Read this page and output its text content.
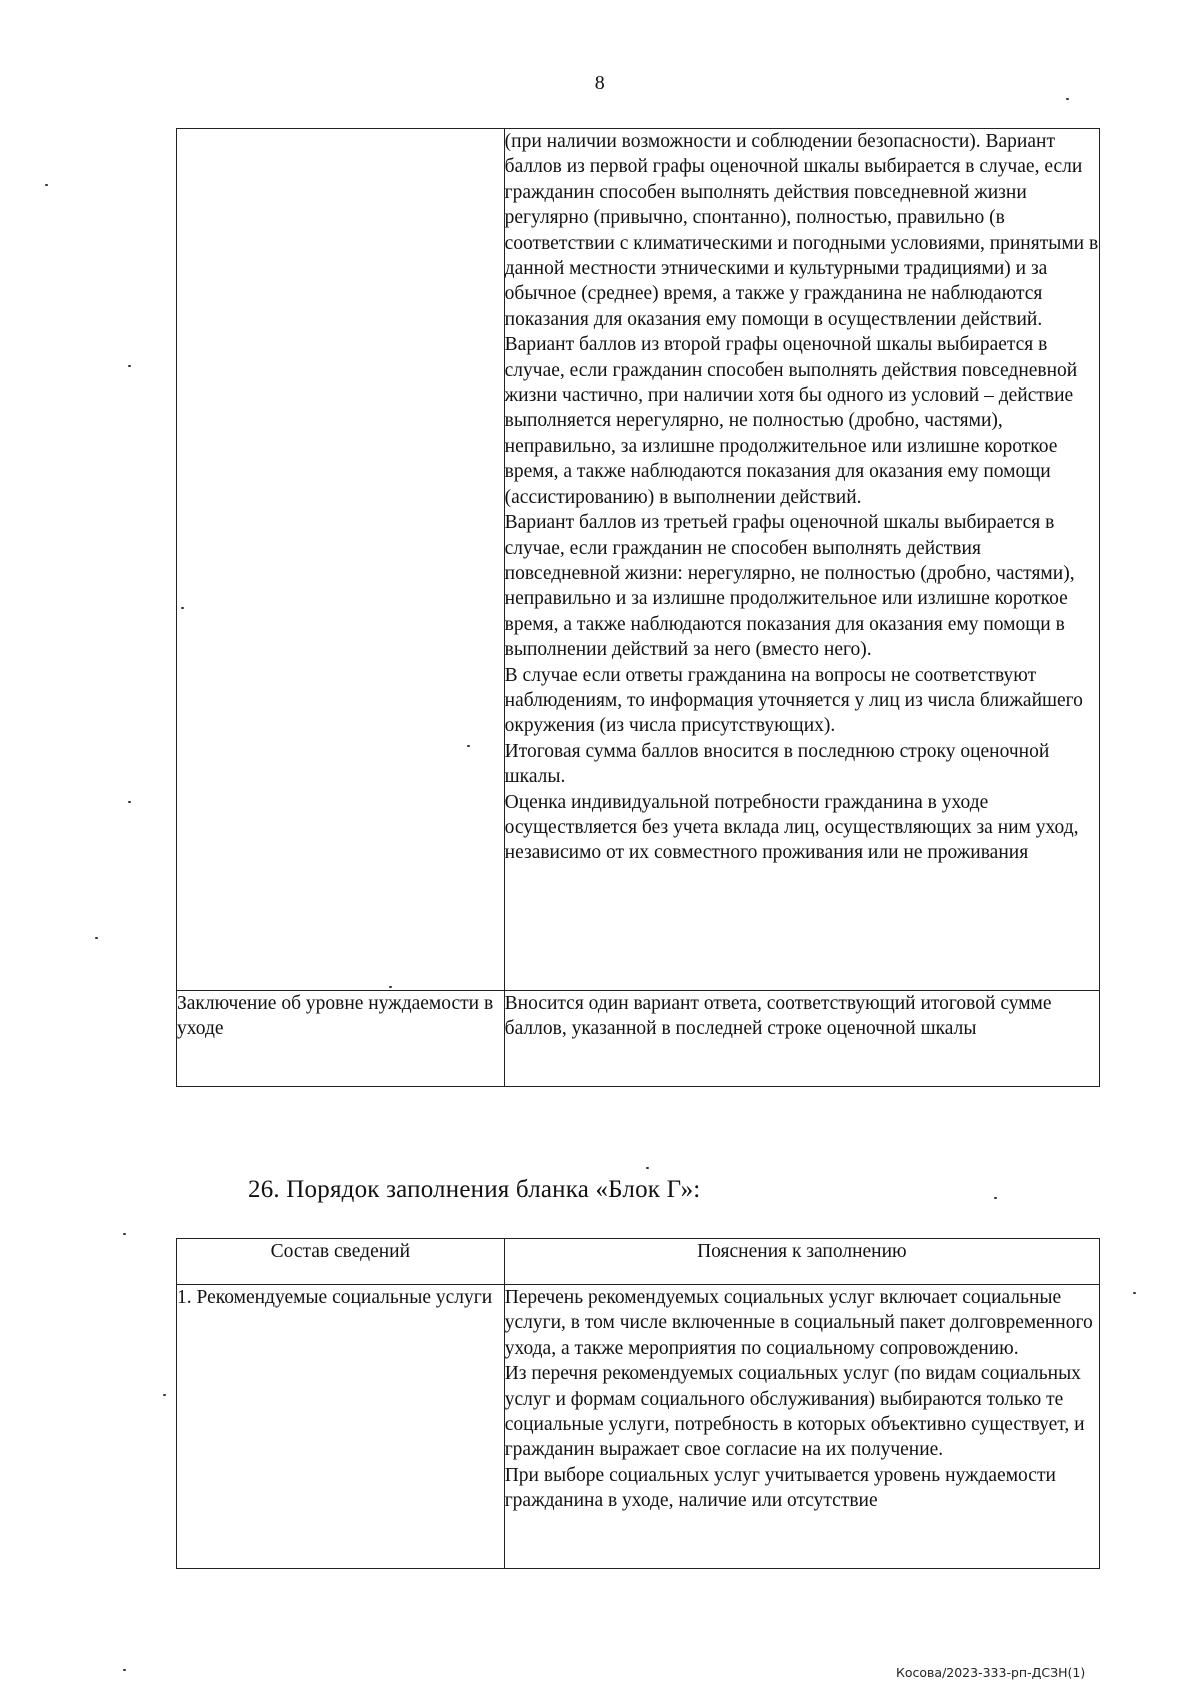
8

	(при наличии возможности и соблюдении безопасности). Вариант баллов из первой графы оценочной шкалы выбирается в случае, если гражданин способен выполнять действия повседневной жизни регулярно (привычно, спонтанно), полностью, правильно (в соответствии с климатическими и погодными условиями, принятыми в данной местности этническими и культурными традициями) и за обычное (среднее) время, а также у гражданина не наблюдаются показания для оказания ему помощи в осуществлении действий. Вариант баллов из второй графы оценочной шкалы выбирается в случае, если гражданин способен выполнять действия повседневной жизни частично, при наличии хотя бы одного из условий – действие выполняется нерегулярно, не полностью (дробно, частями), неправильно, за излишне продолжительное или излишне короткое время, а также наблюдаются показания для оказания ему помощи (ассистированию) в выполнении действий.

Вариант баллов из третьей графы оценочной шкалы выбирается в случае, если гражданин не способен выполнять действия повседневной жизни: нерегулярно, не полностью (дробно, частями), неправильно и за излишне продолжительное или излишне короткое время, а также наблюдаются показания для оказания ему помощи в выполнении действий за него (вместо него).

В случае если ответы гражданина на вопросы не соответствуют наблюдениям, то информация уточняется у лиц из числа ближайшего окружения (из числа присутствующих).

Итоговая сумма баллов вносится в последнюю строку оценочной шкалы.

Оценка индивидуальной потребности гражданина в уходе осуществляется без учета вклада лиц, осуществляющих за ним уход, независимо от их совместного проживания или не проживания

Заключение об уровне нуждаемости в уходе	Вносится один вариант ответа, соответствующий итоговой сумме баллов, указанной в последней строке оценочной шкалы

26. Порядок заполнения бланка «Блок Г»:
Состав сведений	Пояснения к заполнению
1. Рекомендуемые социальные услуги	Перечень рекомендуемых социальных услуг включает социальные услуги, в том числе включенные в социальный пакет долговременного ухода, а также мероприятия по социальному сопровождению.

Из перечня рекомендуемых социальных услуг (по видам социальных услуг и формам социального обслуживания) выбираются только те социальные услуги, потребность в которых объективно существует, и гражданин выражает свое согласие на их получение.

При выборе социальных услуг учитывается уровень нуждаемости гражданина в уходе, наличие или отсутствие

Косова/2023-333-рп-ДСЗН(1)
